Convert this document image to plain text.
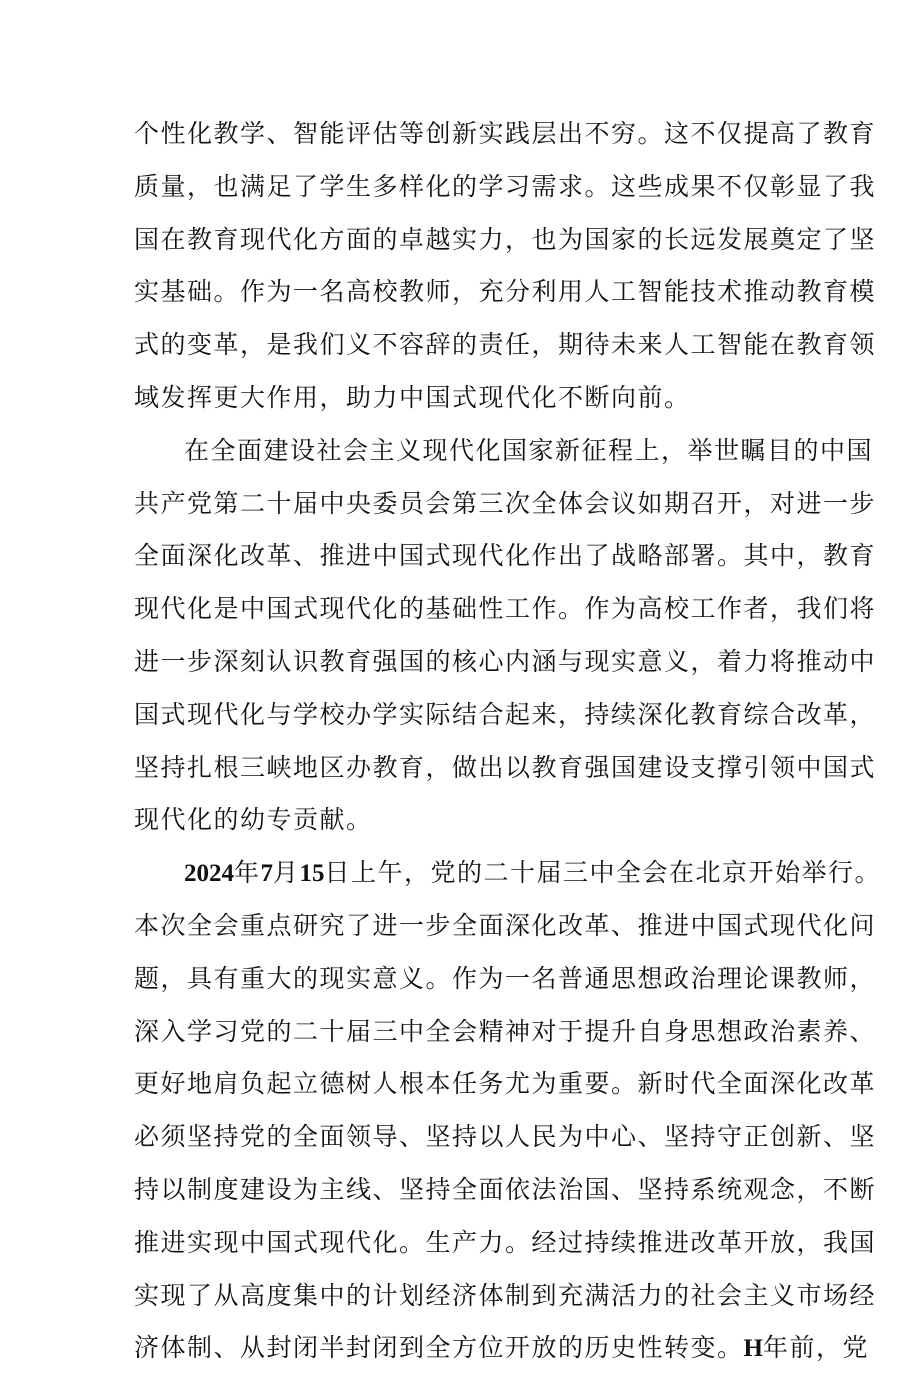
个性化教学、智能评估等创新实践层出不穷。这不仅提高了教育
质量，也满足了学生多样化的学习需求。这些成果不仅彰显了我
国在教育现代化方面的卓越实力，也为国家的长远发展奠定了坚
实基础。作为一名高校教师，充分利用人工智能技术推动教育模
式的变革，是我们义不容辞的责任，期待未来人工智能在教育领
域发挥更大作用，助力中国式现代化不断向前。
在全面建设社会主义现代化国家新征程上，举世瞩目的中国
共产党第二十届中央委员会第三次全体会议如期召开，对进一步
全面深化改革、推进中国式现代化作出了战略部署。其中，教育
现代化是中国式现代化的基础性工作。作为高校工作者，我们将
进一步深刻认识教育强国的核心内涵与现实意义，着力将推动中
国式现代化与学校办学实际结合起来，持续深化教育综合改革，
坚持扎根三峡地区办教育，做出以教育强国建设支撑引领中国式
现代化的幼专贡献。
2024年7月15日上午，党的二十届三中全会在北京开始举行。
本次全会重点研究了进一步全面深化改革、推进中国式现代化问
题，具有重大的现实意义。作为一名普通思想政治理论课教师，
深入学习党的二十届三中全会精神对于提升自身思想政治素养、
更好地肩负起立德树人根本任务尤为重要。新时代全面深化改革
必须坚持党的全面领导、坚持以人民为中心、坚持守正创新、坚
持以制度建设为主线、坚持全面依法治国、坚持系统观念，不断
推进实现中国式现代化。生产力。经过持续推进改革开放，我国
实现了从高度集中的计划经济体制到充满活力的社会主义市场经
济体制、从封闭半封闭到全方位开放的历史性转变。H年前，党
